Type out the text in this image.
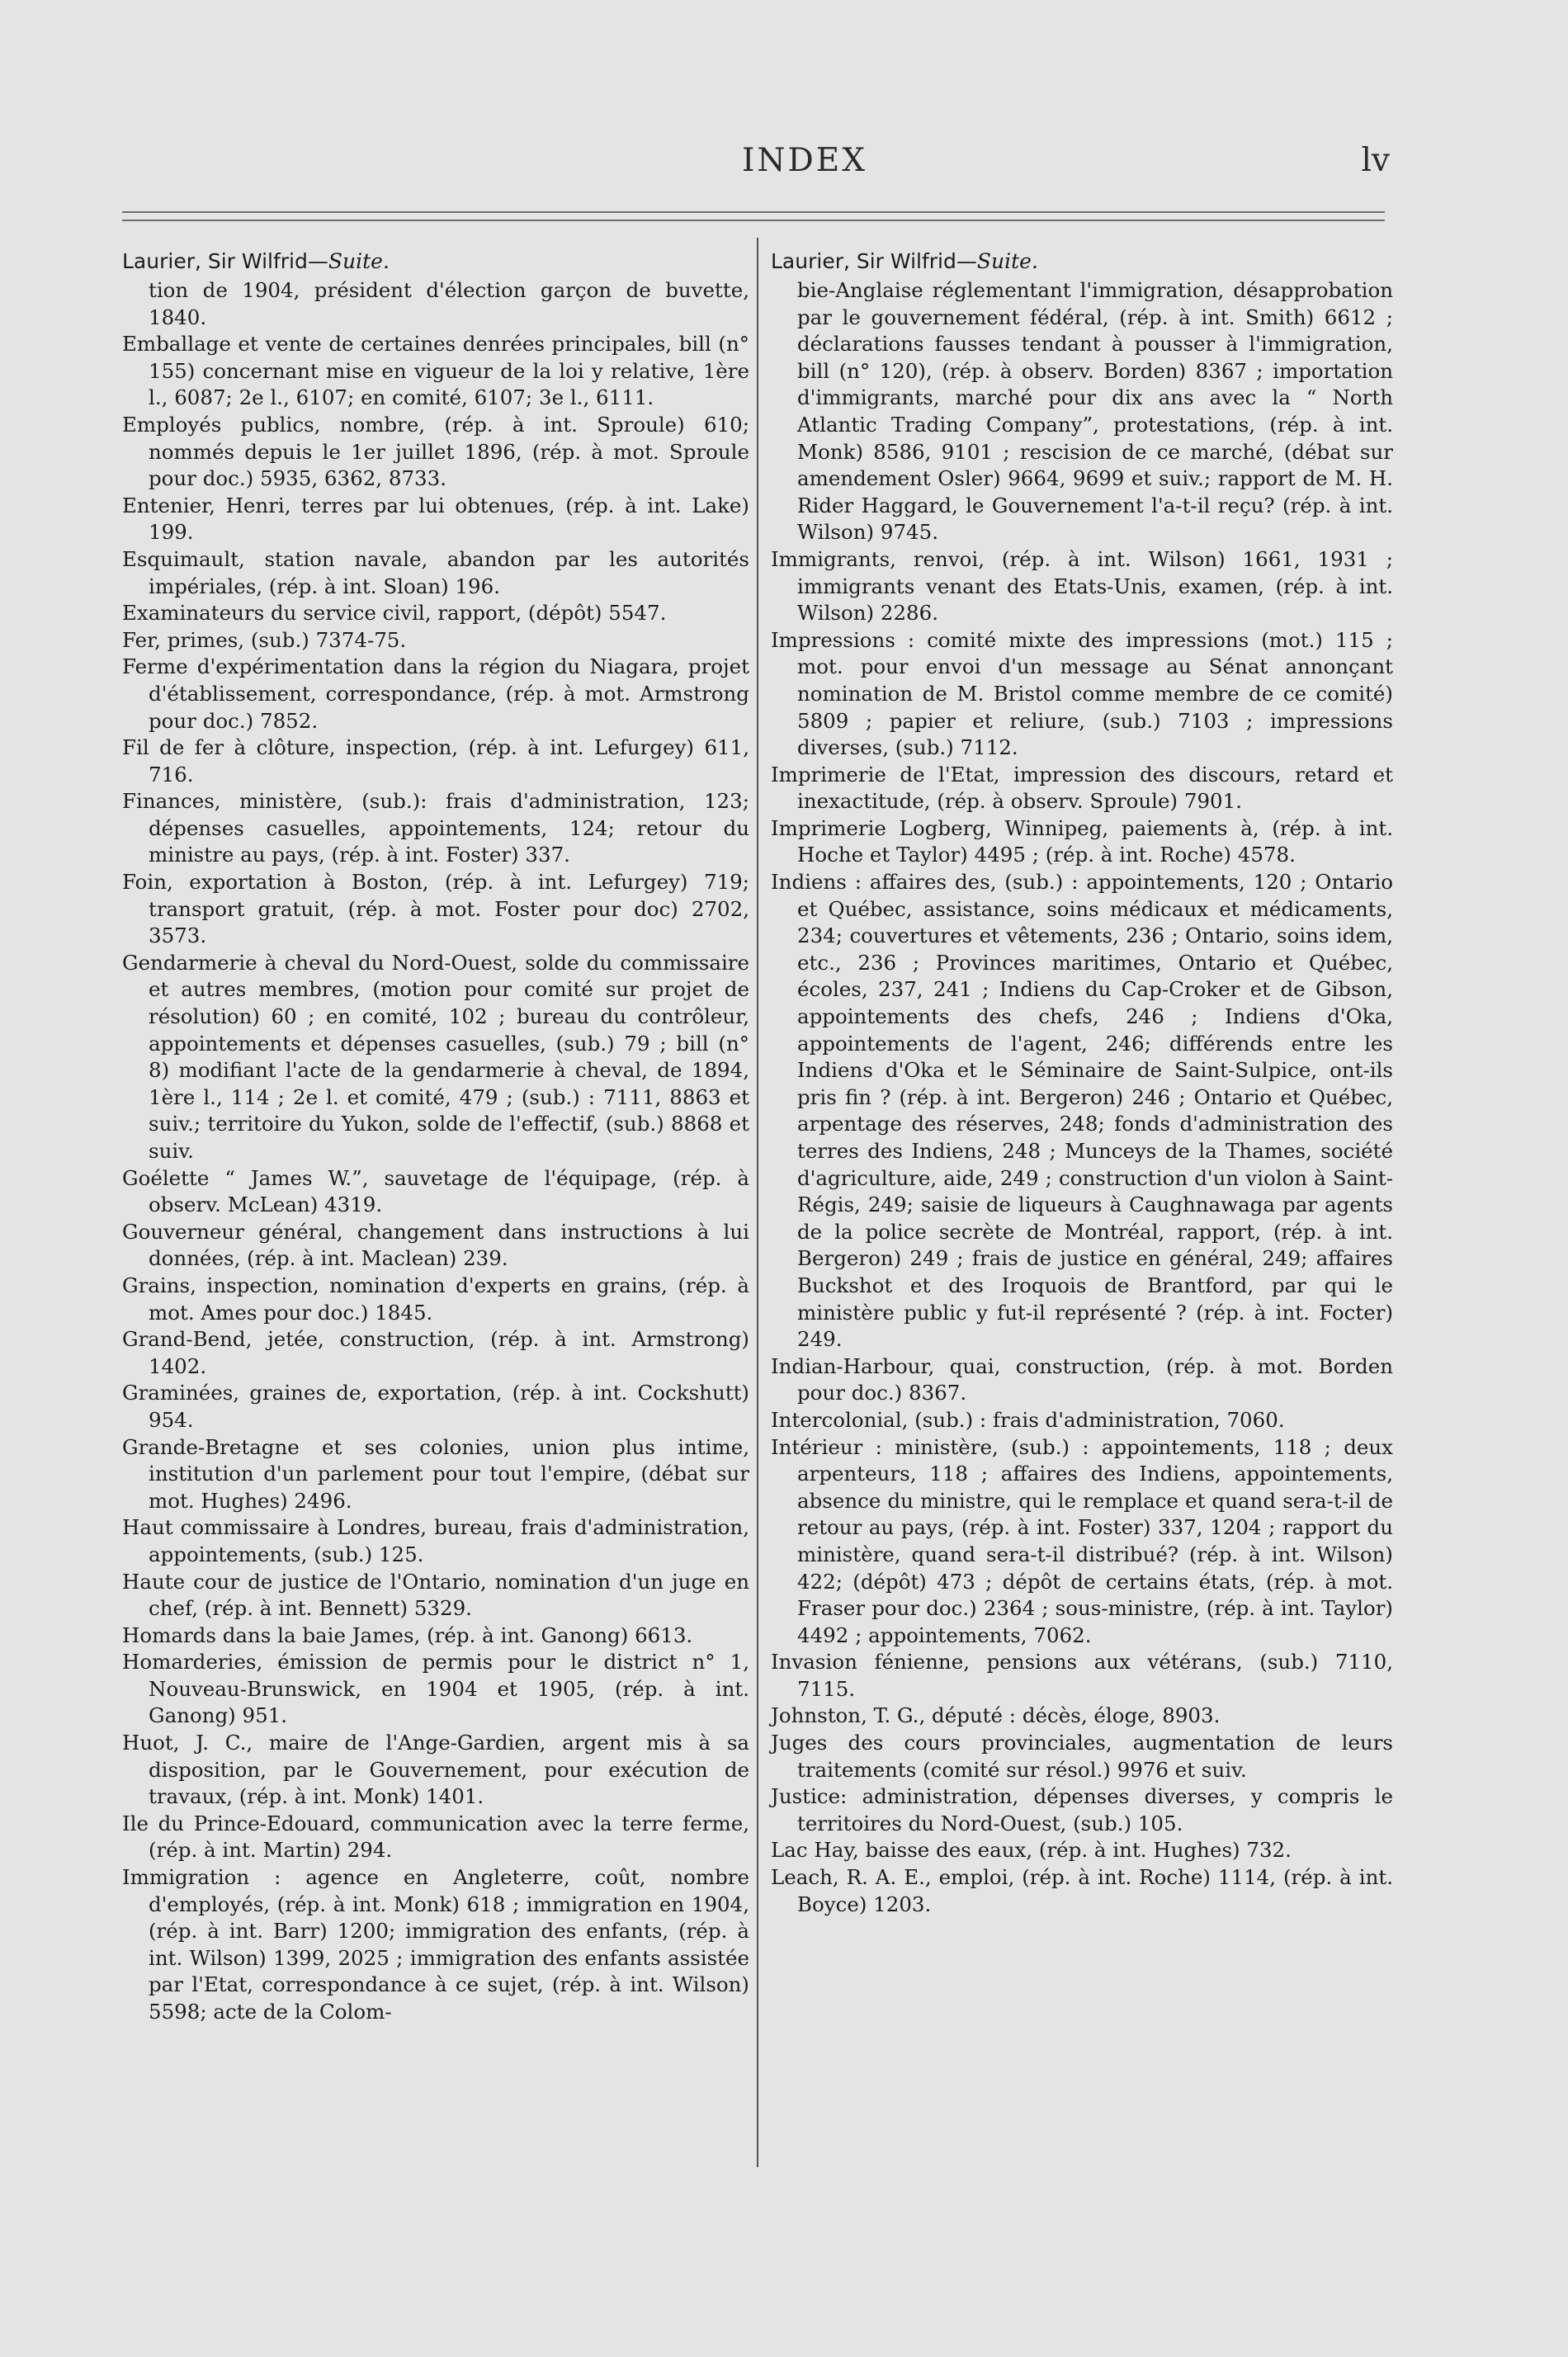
INDEX	lv
Laurier, Sir Wilfrid—Suite.
tion de 1904, président d'élection garçon de buvette, 1840.
Emballage et vente de certaines denrées principales, bill (n° 155) concernant mise en vigueur de la loi y relative, 1ère l., 6087; 2e l., 6107; en comité, 6107; 3e l., 6111.
Employés publics, nombre, (rép. à int. Sproule) 610; nommés depuis le 1er juillet 1896, (rép. à mot. Sproule pour doc.) 5935, 6362, 8733.
Entenier, Henri, terres par lui obtenues, (rép. à int. Lake) 199.
Esquimault, station navale, abandon par les autorités impériales, (rép. à int. Sloan) 196.
Examinateurs du service civil, rapport, (dépôt) 5547.
Fer, primes, (sub.) 7374-75.
Ferme d'expérimentation dans la région du Niagara, projet d'établissement, correspondance, (rép. à mot. Armstrong pour doc.) 7852.
Fil de fer à clôture, inspection, (rép. à int. Lefurgey) 611, 716.
Finances, ministère, (sub.): frais d'administration, 123; dépenses casuelles, appointements, 124; retour du ministre au pays, (rép. à int. Foster) 337.
Foin, exportation à Boston, (rép. à int. Lefurgey) 719; transport gratuit, (rép. à mot. Foster pour doc) 2702, 3573.
Gendarmerie à cheval du Nord-Ouest, solde du commissaire et autres membres, (motion pour comité sur projet de résolution) 60 ; en comité, 102 ; bureau du contrôleur, appointements et dépenses casuelles, (sub.) 79 ; bill (n° 8) modifiant l'acte de la gendarmerie à cheval, de 1894, 1ère l., 114 ; 2e l. et comité, 479 ; (sub.) : 7111, 8863 et suiv.; territoire du Yukon, solde de l'effectif, (sub.) 8868 et suiv.
Goélette “ James W.”, sauvetage de l'équipage, (rép. à observ. McLean) 4319.
Gouverneur général, changement dans instructions à lui données, (rép. à int. Maclean) 239.
Grains, inspection, nomination d'experts en grains, (rép. à mot. Ames pour doc.) 1845.
Grand-Bend, jetée, construction, (rép. à int. Armstrong) 1402.
Graminées, graines de, exportation, (rép. à int. Cockshutt) 954.
Grande-Bretagne et ses colonies, union plus intime, institution d'un parlement pour tout l'empire, (débat sur mot. Hughes) 2496.
Haut commissaire à Londres, bureau, frais d'administration, appointements, (sub.) 125.
Haute cour de justice de l'Ontario, nomination d'un juge en chef, (rép. à int. Bennett) 5329.
Homards dans la baie James, (rép. à int. Ganong) 6613.
Homarderies, émission de permis pour le district n° 1, Nouveau-Brunswick, en 1904 et 1905, (rép. à int. Ganong) 951.
Huot, J. C., maire de l'Ange-Gardien, argent mis à sa disposition, par le Gouvernement, pour exécution de travaux, (rép. à int. Monk) 1401.
Ile du Prince-Edouard, communication avec la terre ferme, (rép. à int. Martin) 294.
Immigration : agence en Angleterre, coût, nombre d'employés, (rép. à int. Monk) 618 ; immigration en 1904, (rép. à int. Barr) 1200; immigration des enfants, (rép. à int. Wilson) 1399, 2025 ; immigration des enfants assistée par l'Etat, correspondance à ce sujet, (rép. à int. Wilson) 5598; acte de la Colom-
Laurier, Sir Wilfrid—Suite.
bie-Anglaise réglementant l'immigration, désapprobation par le gouvernement fédéral, (rép. à int. Smith) 6612 ; déclarations fausses tendant à pousser à l'immigration, bill (n° 120), (rép. à observ. Borden) 8367 ; importation d'immigrants, marché pour dix ans avec la “ North Atlantic Trading Company”, protestations, (rép. à int. Monk) 8586, 9101 ; rescision de ce marché, (débat sur amendement Osler) 9664, 9699 et suiv.; rapport de M. H. Rider Haggard, le Gouvernement l'a-t-il reçu? (rép. à int. Wilson) 9745.
Immigrants, renvoi, (rép. à int. Wilson) 1661, 1931 ; immigrants venant des Etats-Unis, examen, (rép. à int. Wilson) 2286.
Impressions : comité mixte des impressions (mot.) 115 ; mot. pour envoi d'un message au Sénat annonçant nomination de M. Bristol comme membre de ce comité) 5809 ; papier et reliure, (sub.) 7103 ; impressions diverses, (sub.) 7112.
Imprimerie de l'Etat, impression des discours, retard et inexactitude, (rép. à observ. Sproule) 7901.
Imprimerie Logberg, Winnipeg, paiements à, (rép. à int. Hoche et Taylor) 4495 ; (rép. à int. Roche) 4578.
Indiens : affaires des, (sub.) : appointements, 120 ; Ontario et Québec, assistance, soins médicaux et médicaments, 234; couvertures et vêtements, 236 ; Ontario, soins idem, etc., 236 ; Provinces maritimes, Ontario et Québec, écoles, 237, 241 ; Indiens du Cap-Croker et de Gibson, appointements des chefs, 246 ; Indiens d'Oka, appointements de l'agent, 246; différends entre les Indiens d'Oka et le Séminaire de Saint-Sulpice, ont-ils pris fin ? (rép. à int. Bergeron) 246 ; Ontario et Québec, arpentage des réserves, 248; fonds d'administration des terres des Indiens, 248 ; Munceys de la Thames, société d'agriculture, aide, 249 ; construction d'un violon à Saint-Régis, 249; saisie de liqueurs à Caughnawaga par agents de la police secrète de Montréal, rapport, (rép. à int. Bergeron) 249 ; frais de justice en général, 249; affaires Buckshot et des Iroquois de Brantford, par qui le ministère public y fut-il représenté ? (rép. à int. Focter) 249.
Indian-Harbour, quai, construction, (rép. à mot. Borden pour doc.) 8367.
Intercolonial, (sub.) : frais d'administration, 7060.
Intérieur : ministère, (sub.) : appointements, 118 ; deux arpenteurs, 118 ; affaires des Indiens, appointements, absence du ministre, qui le remplace et quand sera-t-il de retour au pays, (rép. à int. Foster) 337, 1204 ; rapport du ministère, quand sera-t-il distribué? (rép. à int. Wilson) 422; (dépôt) 473 ; dépôt de certains états, (rép. à mot. Fraser pour doc.) 2364 ; sous-ministre, (rép. à int. Taylor) 4492 ; appointements, 7062.
Invasion fénienne, pensions aux vétérans, (sub.) 7110, 7115.
Johnston, T. G., député : décès, éloge, 8903.
Juges des cours provinciales, augmentation de leurs traitements (comité sur résol.) 9976 et suiv.
Justice: administration, dépenses diverses, y compris le territoires du Nord-Ouest, (sub.) 105.
Lac Hay, baisse des eaux, (rép. à int. Hughes) 732.
Leach, R. A. E., emploi, (rép. à int. Roche) 1114, (rép. à int. Boyce) 1203.
